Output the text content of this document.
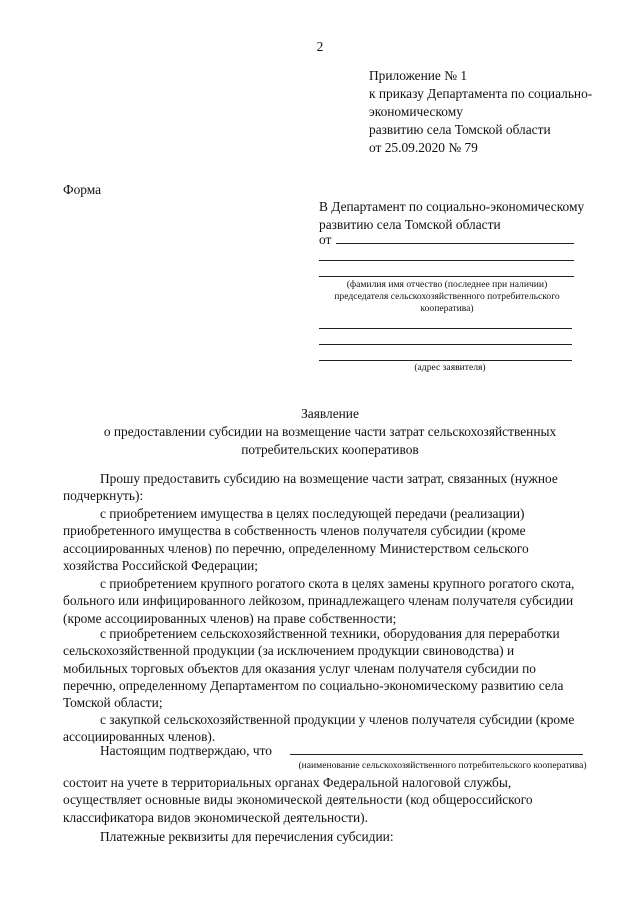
2
Приложение № 1
к приказу Департамента по социально-
экономическому
развитию села Томской области
от 25.09.2020 № 79
Форма
В Департамент по социально-экономическому
развитию села Томской области
от
(фамилия имя отчество (последнее при наличии)
председателя сельскохозяйственного потребительского
кооператива)
(адрес заявителя)
Заявление
о предоставлении субсидии на возмещение части затрат сельскохозяйственных
потребительских кооперативов
Прошу предоставить субсидию на возмещение части затрат, связанных (нужное
подчеркнуть):
с приобретением имущества в целях последующей передачи (реализации)
приобретенного имущества в собственность членов получателя субсидии (кроме
ассоциированных членов) по перечню, определенному Министерством сельского
хозяйства Российской Федерации;
с приобретением крупного рогатого скота в целях замены крупного рогатого скота,
больного или инфицированного лейкозом, принадлежащего членам получателя субсидии
(кроме ассоциированных членов) на праве собственности;
с приобретением сельскохозяйственной техники, оборудования для переработки
сельскохозяйственной продукции (за исключением продукции свиноводства) и
мобильных торговых объектов для оказания услуг членам получателя субсидии по
перечню, определенному Департаментом по социально-экономическому развитию села
Томской области;
с закупкой сельскохозяйственной продукции у членов получателя субсидии (кроме
ассоциированных членов).
Настоящим подтверждаю, что
(наименование сельскохозяйственного потребительского кооператива)
состоит на учете в территориальных органах Федеральной налоговой службы,
осуществляет основные виды экономической деятельности (код общероссийского
классификатора видов экономической деятельности).
Платежные реквизиты для перечисления субсидии:
